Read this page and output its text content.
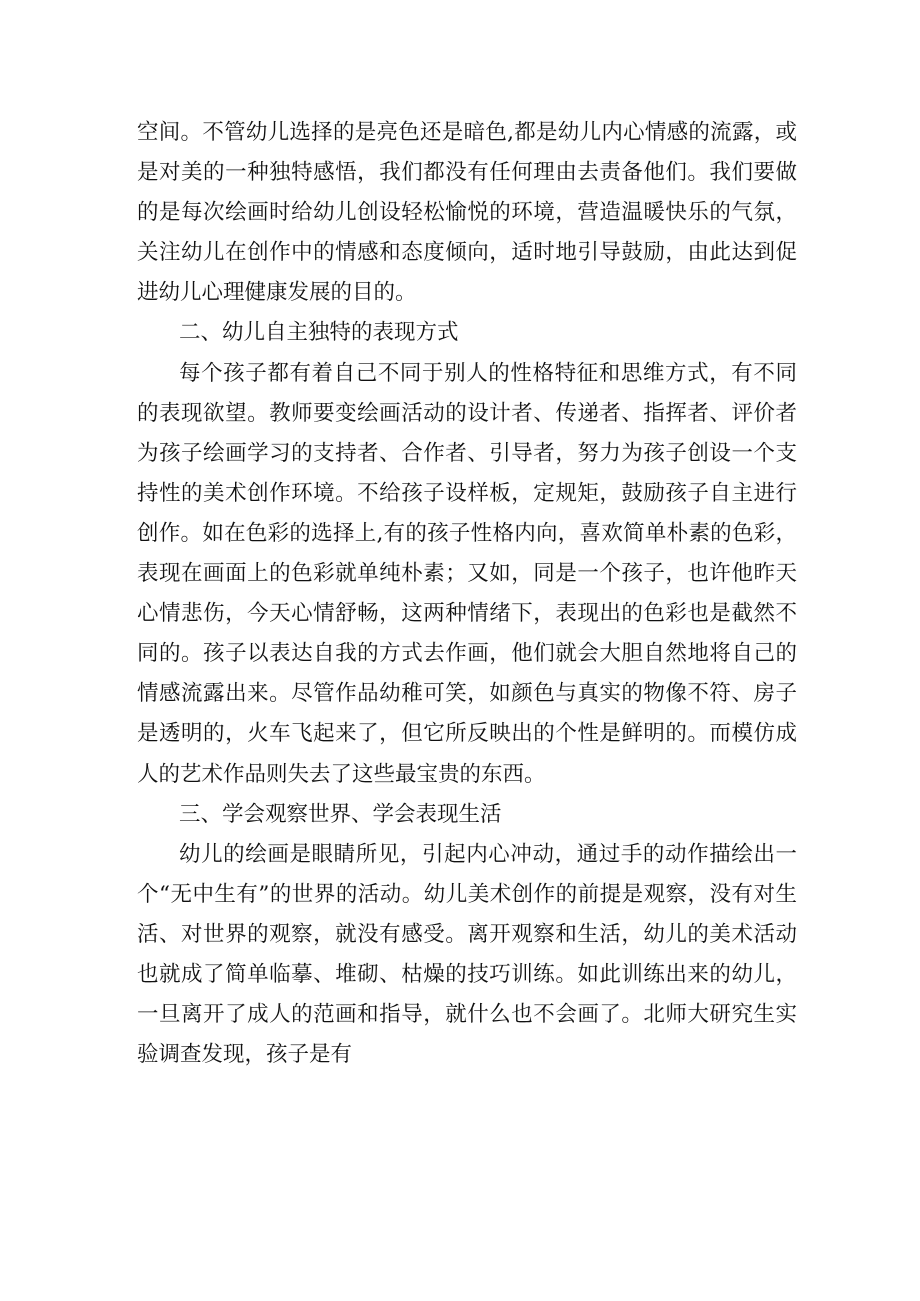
空间。不管幼儿选择的是亮色还是暗色,都是幼儿内心情感的流露，或是对美的一种独特感悟，我们都没有任何理由去责备他们。我们要做的是每次绘画时给幼儿创设轻松愉悦的环境，营造温暖快乐的气氛，关注幼儿在创作中的情感和态度倾向，适时地引导鼓励，由此达到促进幼儿心理健康发展的目的。

二、幼儿自主独特的表现方式

每个孩子都有着自己不同于别人的性格特征和思维方式，有不同的表现欲望。教师要变绘画活动的设计者、传递者、指挥者、评价者为孩子绘画学习的支持者、合作者、引导者，努力为孩子创设一个支持性的美术创作环境。不给孩子设样板，定规矩，鼓励孩子自主进行创作。如在色彩的选择上,有的孩子性格内向，喜欢简单朴素的色彩，表现在画面上的色彩就单纯朴素；又如，同是一个孩子，也许他昨天心情悲伤，今天心情舒畅，这两种情绪下，表现出的色彩也是截然不同的。孩子以表达自我的方式去作画，他们就会大胆自然地将自己的情感流露出来。尽管作品幼稚可笑，如颜色与真实的物像不符、房子是透明的，火车飞起来了，但它所反映出的个性是鲜明的。而模仿成人的艺术作品则失去了这些最宝贵的东西。

三、学会观察世界、学会表现生活

幼儿的绘画是眼睛所见，引起内心冲动，通过手的动作描绘出一个“无中生有”的世界的活动。幼儿美术创作的前提是观察，没有对生活、对世界的观察，就没有感受。离开观察和生活，幼儿的美术活动也就成了简单临摹、堆砌、枯燥的技巧训练。如此训练出来的幼儿，一旦离开了成人的范画和指导，就什么也不会画了。北师大研究生实验调查发现，孩子是有
